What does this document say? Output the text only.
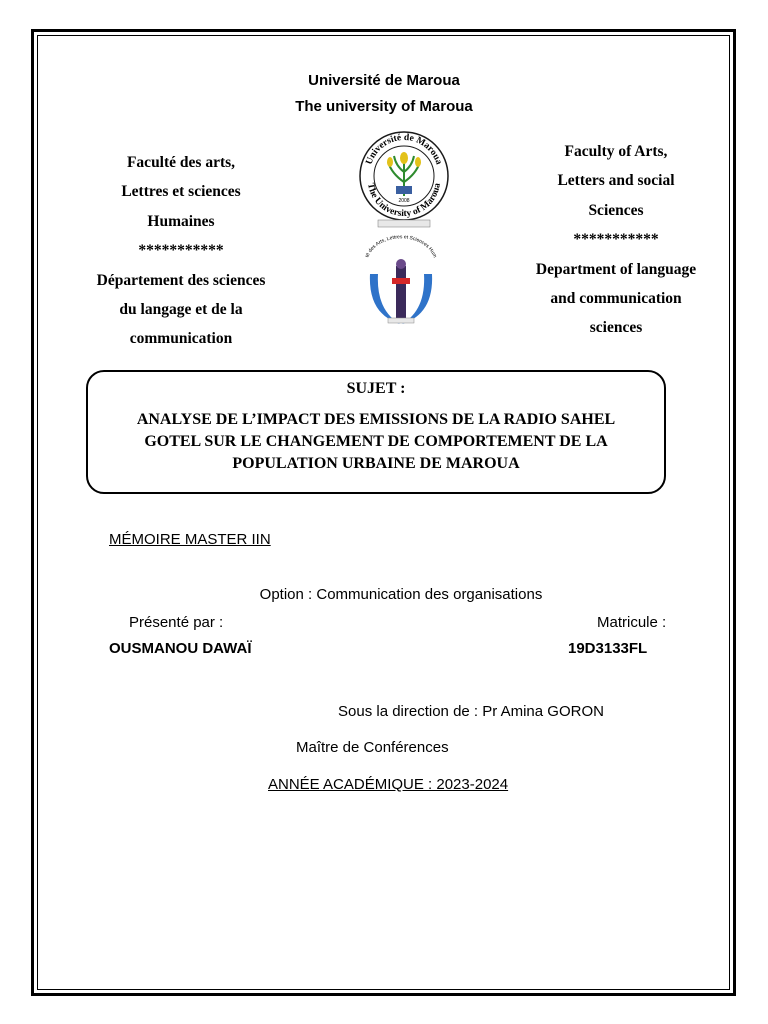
Université de Maroua
The university of Maroua
Faculté des arts,
Lettres et sciences
Humaines
***********
Département des sciences
du langage et de la
communication
Faculty of Arts,
Letters and social
Sciences
***********
Department of language
and communication
sciences
Université de Maroua
The University of Maroua
2008
té des Arts, Lettres et Sciences Hum
SUJET :
ANALYSE DE L’IMPACT DES EMISSIONS DE LA RADIO SAHEL
GOTEL SUR LE CHANGEMENT DE COMPORTEMENT DE LA
POPULATION URBAINE DE MAROUA
MÉMOIRE MASTER IIN
Option : Communication des organisations
Présenté par :	Matricule :
OUSMANOU DAWAÏ	19D3133FL
Sous la direction de : Pr Amina GORON
Maître de Conférences
ANNÉE ACADÉMIQUE : 2023-2024
